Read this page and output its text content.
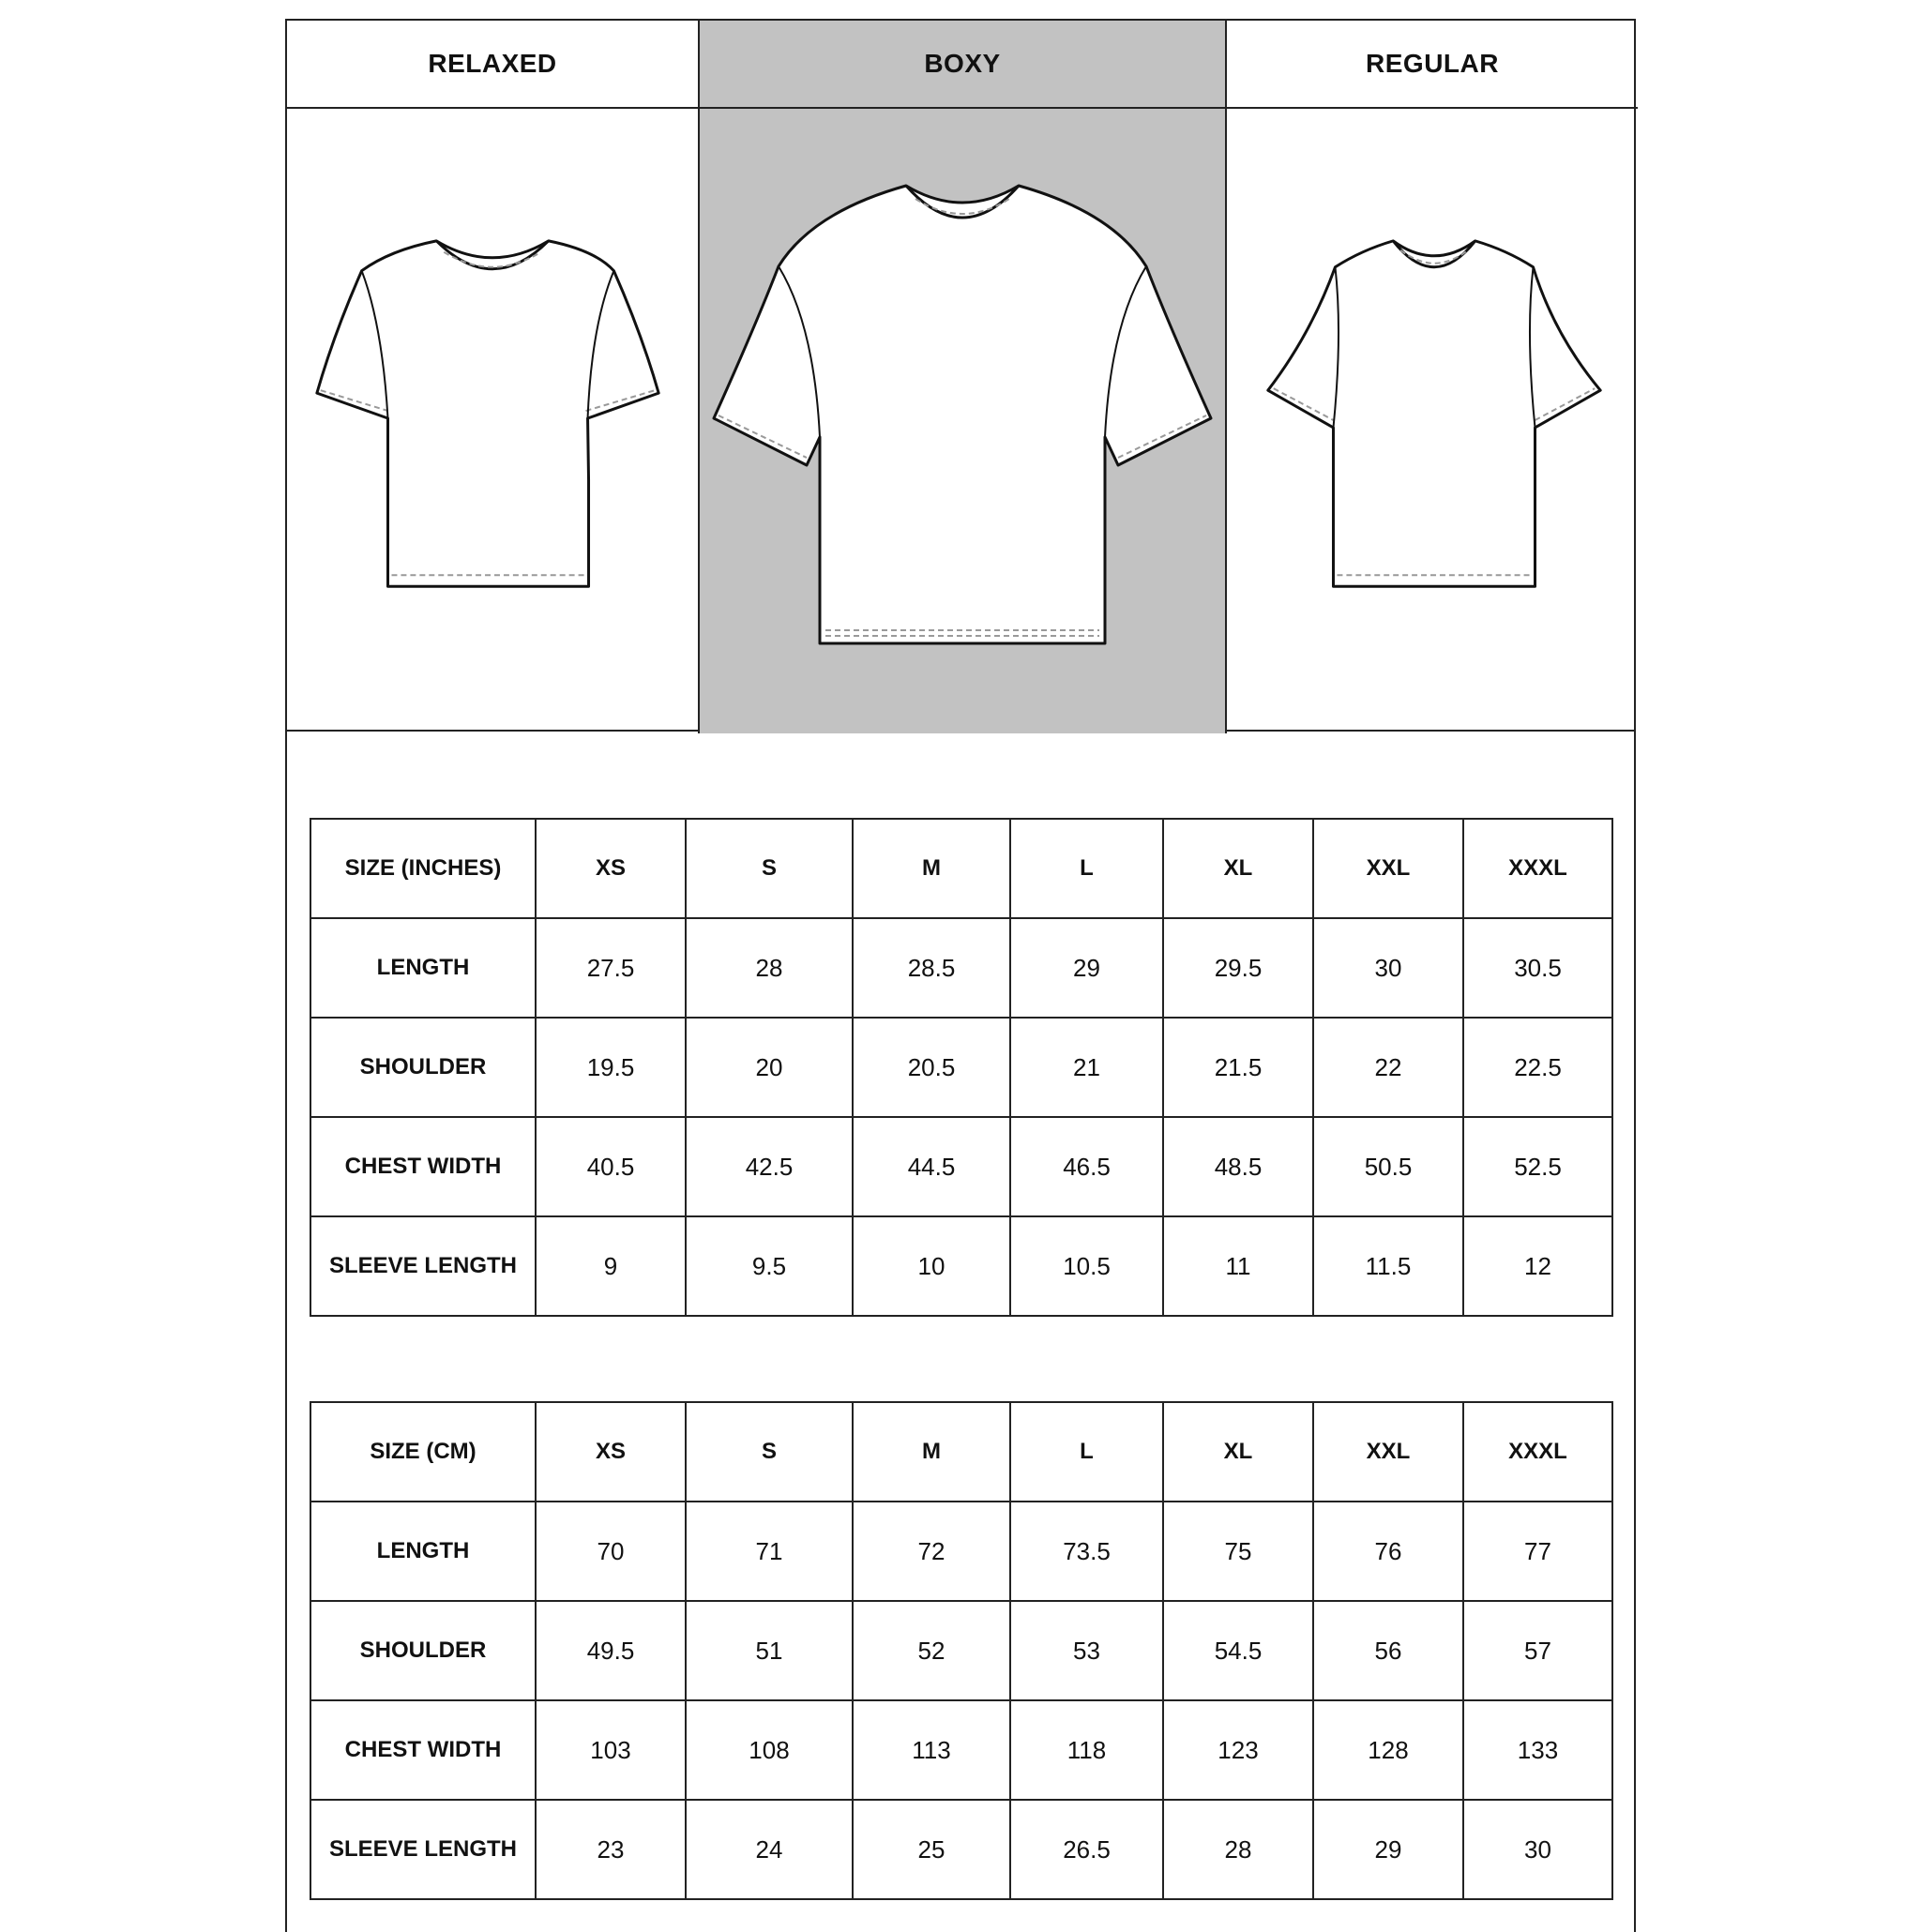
RELAXED	BOXY	REGULAR
SIZE (INCHES)	XS	S	M	L	XL	XXL	XXXL
LENGTH	27.5	28	28.5	29	29.5	30	30.5
SHOULDER	19.5	20	20.5	21	21.5	22	22.5
CHEST WIDTH	40.5	42.5	44.5	46.5	48.5	50.5	52.5
SLEEVE LENGTH	9	9.5	10	10.5	11	11.5	12
SIZE (CM)	XS	S	M	L	XL	XXL	XXXL
LENGTH	70	71	72	73.5	75	76	77
SHOULDER	49.5	51	52	53	54.5	56	57
CHEST WIDTH	103	108	113	118	123	128	133
SLEEVE LENGTH	23	24	25	26.5	28	29	30
